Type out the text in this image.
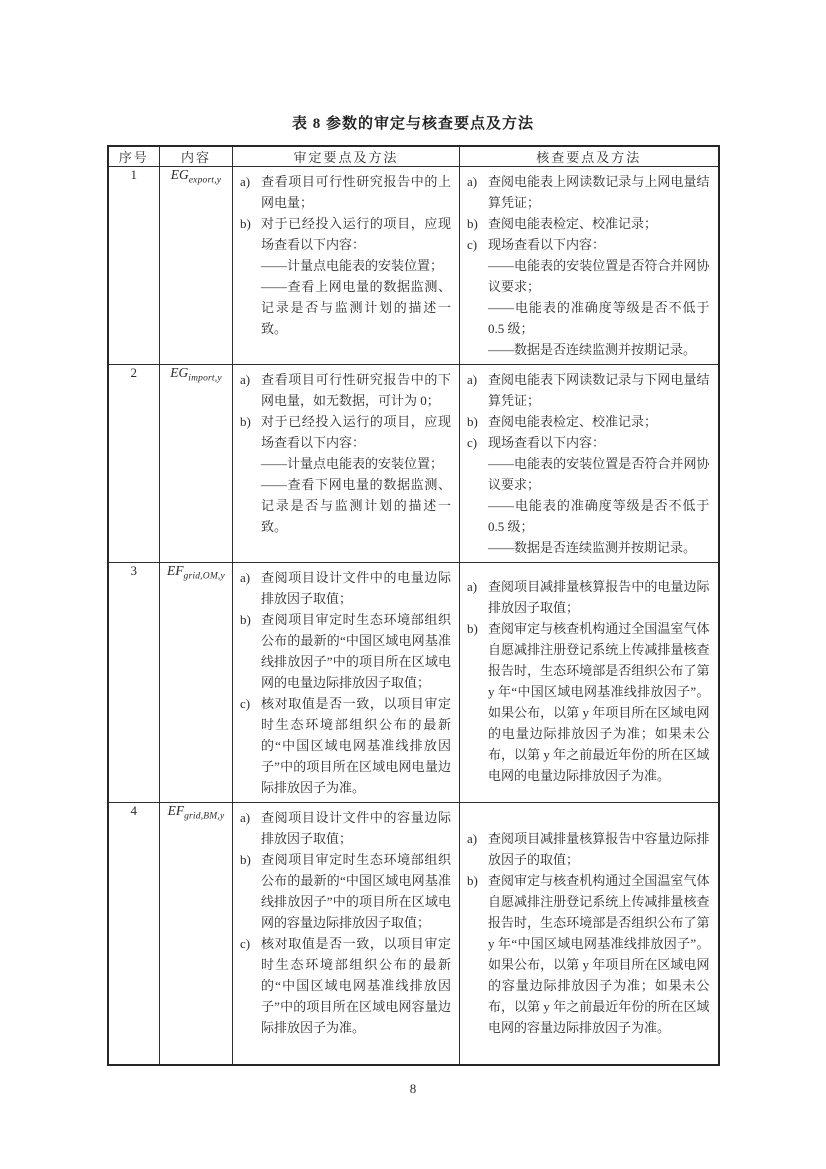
表 8 参数的审定与核查要点及方法
序号	内容	审定要点及方法	核查要点及方法
1	$EG_{export,y}$	a) 查看项目可行性研究报告中的上网电量；
b) 对于已经投入运行的项目，应现场查看以下内容：
——计量点电能表的安装位置；
——查看上网电量的数据监测、记录是否与监测计划的描述一致。

a) 查阅电能表上网读数记录与上网电量结算凭证；
b) 查阅电能表检定、校准记录；
c) 现场查看以下内容：
——电能表的安装位置是否符合并网协议要求；
——电能表的准确度等级是否不低于 0.5 级；
——数据是否连续监测并按期记录。

2	$EG_{import,y}$	a) 查看项目可行性研究报告中的下网电量，如无数据，可计为 0；
b) 对于已经投入运行的项目，应现场查看以下内容：
——计量点电能表的安装位置；
——查看下网电量的数据监测、记录是否与监测计划的描述一致。

a) 查阅电能表下网读数记录与下网电量结算凭证；
b) 查阅电能表检定、校准记录；
c) 现场查看以下内容：
——电能表的安装位置是否符合并网协议要求；
——电能表的准确度等级是否不低于 0.5 级；
——数据是否连续监测并按期记录。

3	$EF_{grid,OM,y}$	a) 查阅项目设计文件中的电量边际排放因子取值；
b) 查阅项目审定时生态环境部组织公布的最新的“中国区域电网基准线排放因子”中的项目所在区域电网的电量边际排放因子取值；
c) 核对取值是否一致，以项目审定时生态环境部组织公布的最新的“中国区域电网基准线排放因子”中的项目所在区域电网电量边际排放因子为准。

a) 查阅项目减排量核算报告中的电量边际排放因子取值；
b) 查阅审定与核查机构通过全国温室气体自愿减排注册登记系统上传减排量核查报告时，生态环境部是否组织公布了第 y 年“中国区域电网基准线排放因子”。如果公布，以第 y 年项目所在区域电网的电量边际排放因子为准；如果未公布，以第 y 年之前最近年份的所在区域电网的电量边际排放因子为准。

4	$EF_{grid,BM,y}$	a) 查阅项目设计文件中的容量边际排放因子取值；
b) 查阅项目审定时生态环境部组织公布的最新的“中国区域电网基准线排放因子”中的项目所在区域电网的容量边际排放因子取值；
c) 核对取值是否一致，以项目审定时生态环境部组织公布的最新的“中国区域电网基准线排放因子”中的项目所在区域电网容量边际排放因子为准。

a) 查阅项目减排量核算报告中容量边际排放因子的取值；
b) 查阅审定与核查机构通过全国温室气体自愿减排注册登记系统上传减排量核查报告时，生态环境部是否组织公布了第 y 年“中国区域电网基准线排放因子”。如果公布，以第 y 年项目所在区域电网的容量边际排放因子为准；如果未公布，以第 y 年之前最近年份的所在区域电网的容量边际排放因子为准。
8
